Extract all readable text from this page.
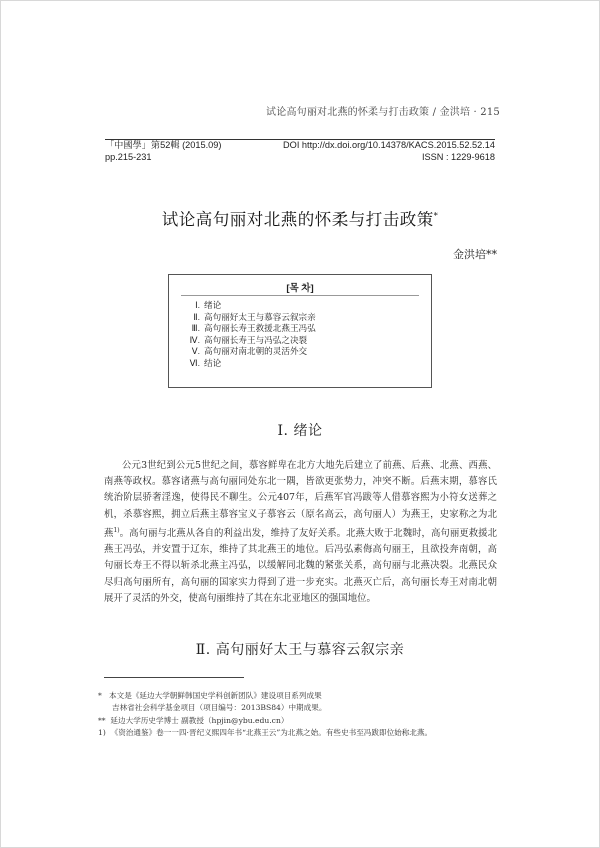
试论高句丽对北燕的怀柔与打击政策 / 金洪培 · 215
「中國學」第52輯 (2015.09)	DOI http://dx.doi.org/10.14378/KACS.2015.52.52.14
pp.215-231	ISSN : 1229-9618
试论高句丽对北燕的怀柔与打击政策*
金洪培**
[목 차]
Ⅰ. 绪论
Ⅱ. 高句丽好太王与慕容云叙宗亲
Ⅲ. 高句丽长寿王救援北燕王冯弘
Ⅳ. 高句丽长寿王与冯弘之决裂
Ⅴ. 高句丽对南北朝的灵活外交
Ⅵ. 结论
Ⅰ. 绪论

公元3世纪到公元5世纪之间，慕容鲜卑在北方大地先后建立了前燕、后燕、北燕、西燕、南燕等政权。慕容诸燕与高句丽同处东北一隅，皆欲更张势力，冲突不断。后燕末期，慕容氏统治阶层骄奢淫逸，使得民不聊生。公元407年，后燕军官冯跋等人借慕容熙为小符女送葬之机，杀慕容熙，拥立后燕主慕容宝义子慕容云（原名高云，高句丽人）为燕王，史家称之为北燕$^{1)}$。高句丽与北燕从各自的利益出发，维持了友好关系。北燕大败于北魏时，高句丽更救援北燕王冯弘，并安置于辽东，维持了其北燕王的地位。后冯弘素侮高句丽王，且欲投奔南朝，高句丽长寿王不得以斩杀北燕主冯弘，以缓解同北魏的紧张关系，高句丽与北燕决裂。北燕民众尽归高句丽所有，高句丽的国家实力得到了进一步充实。北燕灭亡后，高句丽长寿王对南北朝展开了灵活的外交，使高句丽维持了其在东北亚地区的强国地位。

Ⅱ. 高句丽好太王与慕容云叙宗亲
* 本文是《延边大学朝鲜韩国史学科创新团队》建设项目系列成果
吉林省社会科学基金项目（项目编号：2013BS84）中期成果。
** 延边大学历史学博士 副教授（hpjin@ybu.edu.cn）
1) 《资治通鉴》卷一一四·晋纪义熙四年书“北燕王云”为北燕之始。有些史书至冯跋即位始称北燕。
